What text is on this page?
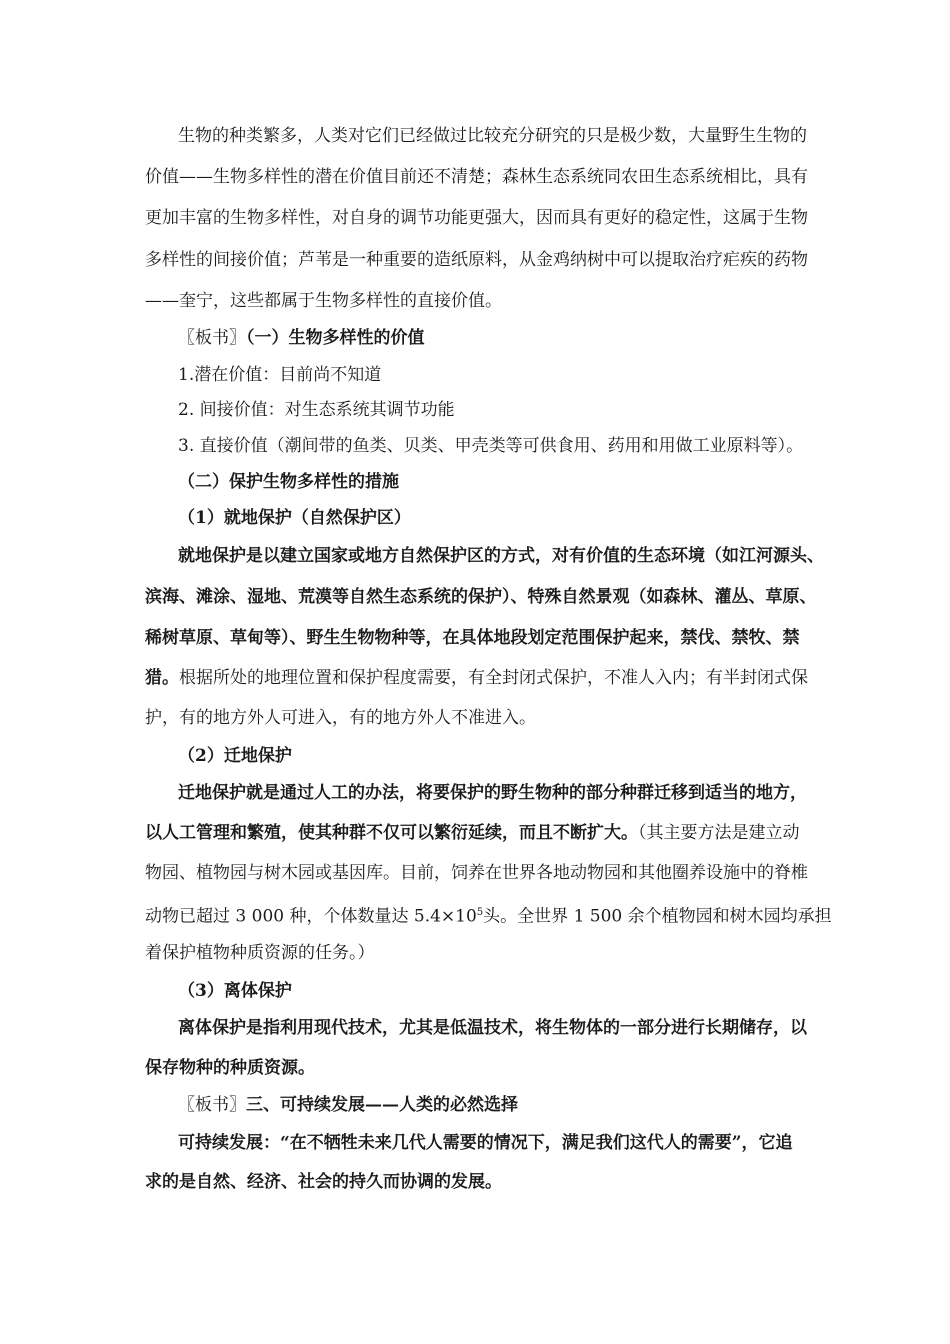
生物的种类繁多，人类对它们已经做过比较充分研究的只是极少数，大量野生生物的
价值——生物多样性的潜在价值目前还不清楚；森林生态系统同农田生态系统相比，具有
更加丰富的生物多样性，对自身的调节功能更强大，因而具有更好的稳定性，这属于生物
多样性的间接价值；芦苇是一种重要的造纸原料，从金鸡纳树中可以提取治疗疟疾的药物
——奎宁，这些都属于生物多样性的直接价值。
〖板书〗（一）生物多样性的价值
1.潜在价值：目前尚不知道
2. 间接价值：对生态系统其调节功能
3. 直接价值（潮间带的鱼类、贝类、甲壳类等可供食用、药用和用做工业原料等）。
（二）保护生物多样性的措施
（1）就地保护（自然保护区）
就地保护是以建立国家或地方自然保护区的方式，对有价值的生态环境（如江河源头、
滨海、滩涂、湿地、荒漠等自然生态系统的保护）、特殊自然景观（如森林、灌丛、草原、
稀树草原、草甸等）、野生生物物种等，在具体地段划定范围保护起来，禁伐、禁牧、禁
猎。根据所处的地理位置和保护程度需要，有全封闭式保护，不准人入内；有半封闭式保
护，有的地方外人可进入，有的地方外人不准进入。
（2）迁地保护
迁地保护就是通过人工的办法，将要保护的野生物种的部分种群迁移到适当的地方，
以人工管理和繁殖，使其种群不仅可以繁衍延续，而且不断扩大。（其主要方法是建立动
物园、植物园与树木园或基因库。目前，饲养在世界各地动物园和其他圈养设施中的脊椎
动物已超过 3 000 种，个体数量达 $5.4\times 10^5$头。全世界 1 500 余个植物园和树木园均承担
着保护植物种质资源的任务。）
（3）离体保护
离体保护是指利用现代技术，尤其是低温技术，将生物体的一部分进行长期储存，以
保存物种的种质资源。
〖板书〗三、可持续发展——人类的必然选择
可持续发展：“在不牺牲未来几代人需要的情况下，满足我们这代人的需要”，它追
求的是自然、经济、社会的持久而协调的发展。
